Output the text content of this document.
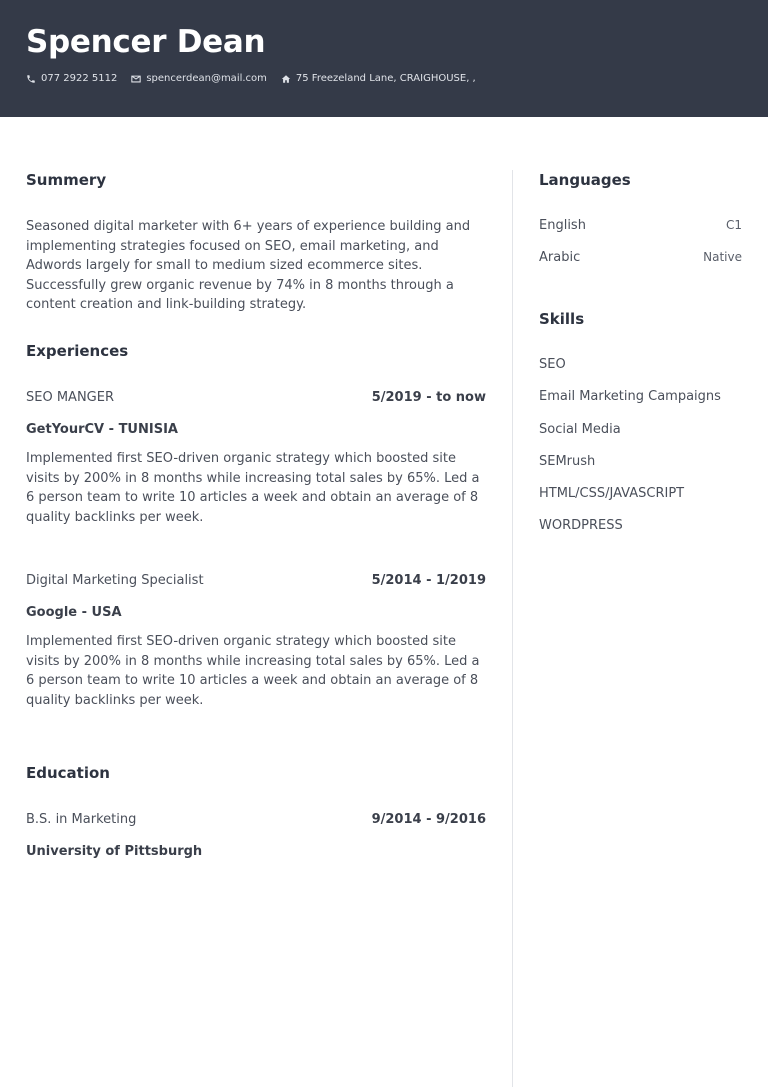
Spencer Dean
077 2922 5112	spencerdean@mail.com	75 Freezeland Lane, CRAIGHOUSE, ,
Summery
Seasoned digital marketer with 6+ years of experience building and implementing strategies focused on SEO, email marketing, and Adwords largely for small to medium sized ecommerce sites. Successfully grew organic revenue by 74% in 8 months through a content creation and link-building strategy.
Experiences
SEO MANGER	5/2019 - to now
GetYourCV - TUNISIA
Implemented first SEO-driven organic strategy which boosted site visits by 200% in 8 months while increasing total sales by 65%. Led a 6 person team to write 10 articles a week and obtain an average of 8 quality backlinks per week.
Digital Marketing Specialist	5/2014 - 1/2019
Google - USA
Implemented first SEO-driven organic strategy which boosted site visits by 200% in 8 months while increasing total sales by 65%. Led a 6 person team to write 10 articles a week and obtain an average of 8 quality backlinks per week.
Education
B.S. in Marketing	9/2014 - 9/2016
University of Pittsburgh
Languages
English	C1
Arabic	Native
Skills
SEO
Email Marketing Campaigns
Social Media
SEMrush
HTML/CSS/JAVASCRIPT
WORDPRESS
